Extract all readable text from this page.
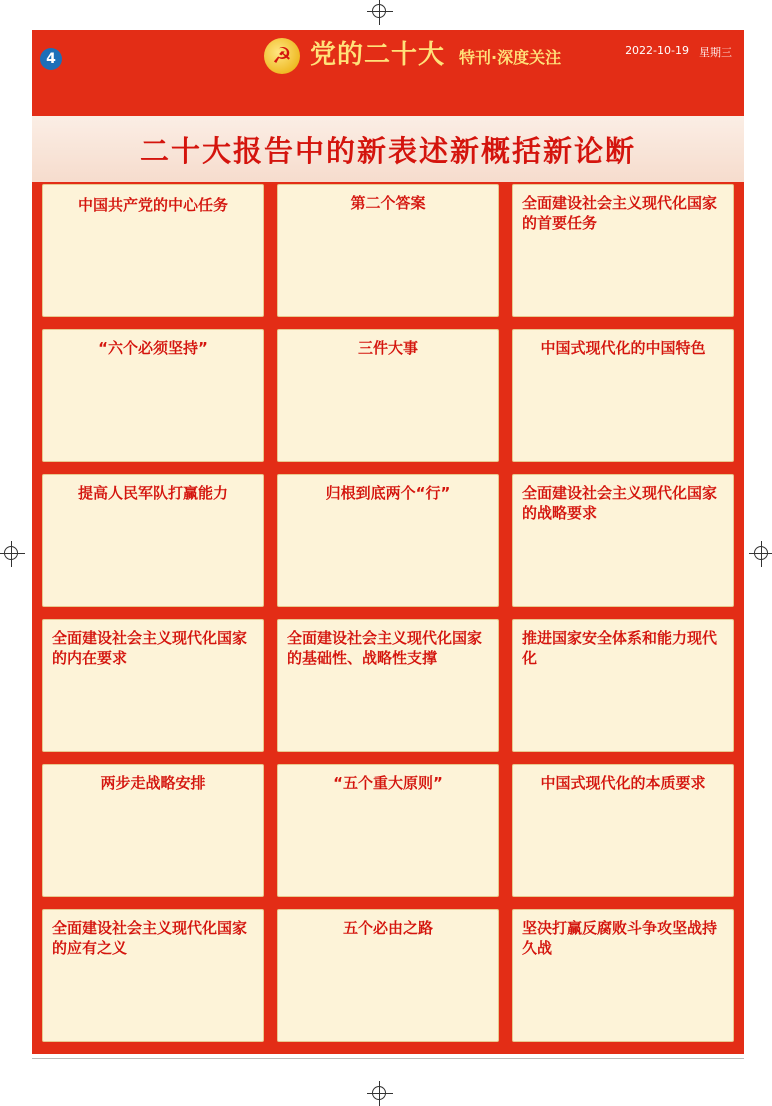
4	☭ 党的二十大 特刊·深度关注	2022-10-19 星期三
二十大报告中的新表述新概括新论断
中国共产党的中心任务	第二个答案	全面建设社会主义现代化国家的首要任务

“六个必须坚持”	三件大事	中国式现代化的中国特色

提高人民军队打赢能力	归根到底两个“行”	全面建设社会主义现代化国家的战略要求

全面建设社会主义现代化国家的内在要求

全面建设社会主义现代化国家的基础性、战略性支撑

推进国家安全体系和能力现代化

两步走战略安排	“五个重大原则”	中国式现代化的本质要求

全面建设社会主义现代化国家的应有之义

五个必由之路	坚决打赢反腐败斗争攻坚战持久战
